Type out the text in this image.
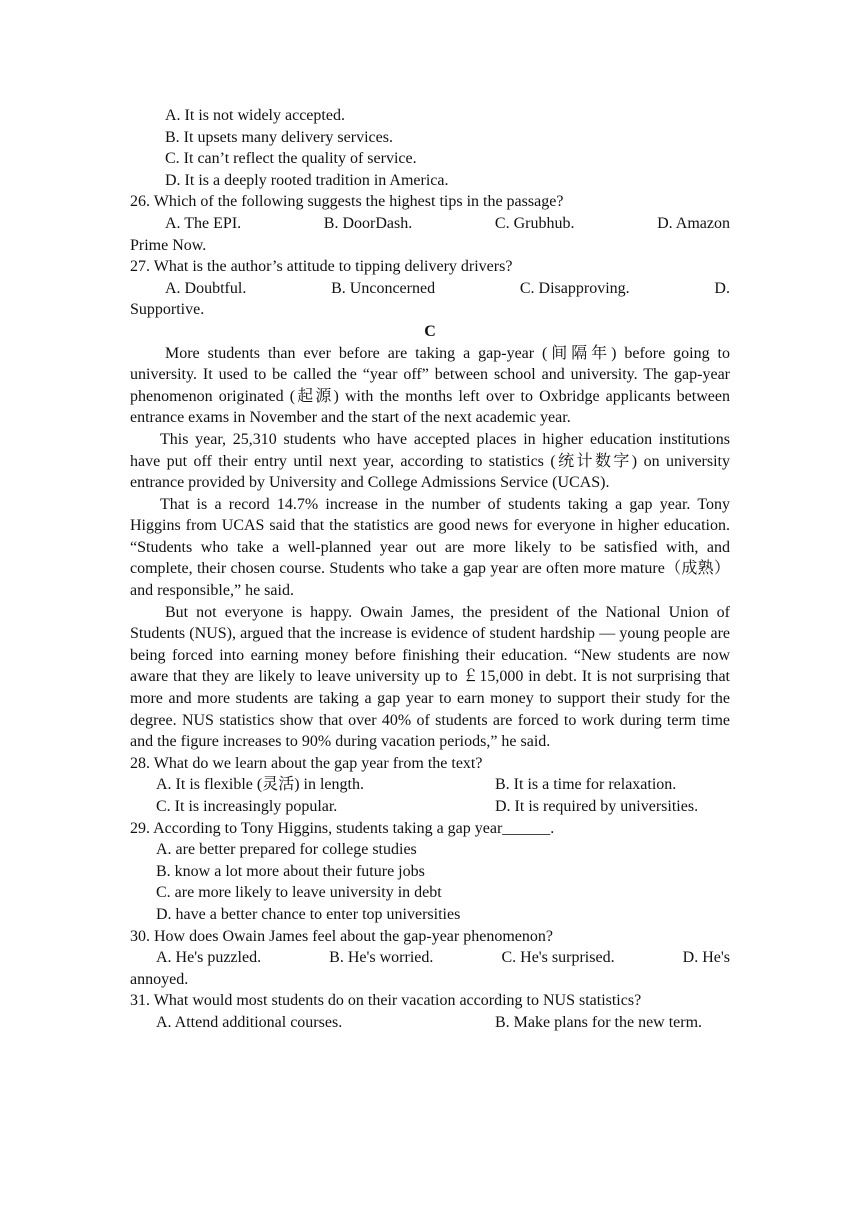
A. It is not widely accepted.
B. It upsets many delivery services.
C. It can’t reflect the quality of service.
D. It is a deeply rooted tradition in America.
26. Which of the following suggests the highest tips in the passage?
A. The EPI.	B. DoorDash.	C. Grubhub.	D. Amazon
Prime Now.
27. What is the author’s attitude to tipping delivery drivers?
A. Doubtful.	B. Unconcerned	C. Disapproving.	D.
Supportive.
C
More students than ever before are taking a gap-year (间隔年) before going to university. It used to be called the “year off” between school and university. The gap-year phenomenon originated (起源) with the months left over to Oxbridge applicants between entrance exams in November and the start of the next academic year.
This year, 25,310 students who have accepted places in higher education institutions have put off their entry until next year, according to statistics (统计数字) on university entrance provided by University and College Admissions Service (UCAS).
That is a record 14.7% increase in the number of students taking a gap year. Tony Higgins from UCAS said that the statistics are good news for everyone in higher education. “Students who take a well-planned year out are more likely to be satisfied with, and complete, their chosen course. Students who take a gap year are often more mature（成熟）and responsible,” he said.
But not everyone is happy. Owain James, the president of the National Union of Students (NUS), argued that the increase is evidence of student hardship — young people are being forced into earning money before finishing their education. “New students are now aware that they are likely to leave university up to ￡15,000 in debt. It is not surprising that more and more students are taking a gap year to earn money to support their study for the degree. NUS statistics show that over 40% of students are forced to work during term time and the figure increases to 90% during vacation periods,” he said.
28. What do we learn about the gap year from the text?
A. It is flexible (灵活) in length.	B. It is a time for relaxation.
C. It is increasingly popular.	D. It is required by universities.
29. According to Tony Higgins, students taking a gap year______.
A. are better prepared for college studies
B. know a lot more about their future jobs
C. are more likely to leave university in debt
D. have a better chance to enter top universities
30. How does Owain James feel about the gap-year phenomenon?
A. He's puzzled.	B. He's worried.	C. He's surprised.	D. He's
annoyed.
31. What would most students do on their vacation according to NUS statistics?
A. Attend additional courses.	B. Make plans for the new term.
